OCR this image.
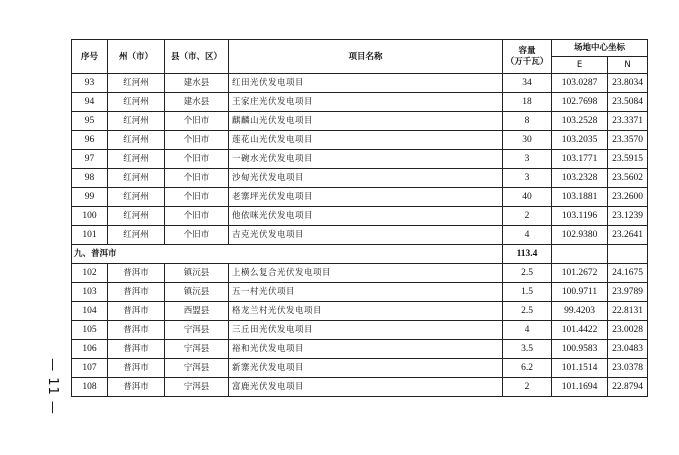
— 11 —
序号	州（市）	县（市、区）	项目名称	容量
（万千瓦）	场地中心坐标	
					E	N
93	红河州	建水县	红田光伏发电项目	34	103.0287	23.8034
94	红河州	建水县	王家庄光伏发电项目	18	102.7698	23.5084
95	红河州	个旧市	麒麟山光伏发电项目	8	103.2528	23.3371
96	红河州	个旧市	莲花山光伏发电项目	30	103.2035	23.3570
97	红河州	个旧市	一碗水光伏发电项目	3	103.1771	23.5915
98	红河州	个旧市	沙甸光伏发电项目	3	103.2328	23.5602
99	红河州	个旧市	老寨坪光伏发电项目	40	103.1881	23.2600
100	红河州	个旧市	他依咪光伏发电项目	2	103.1196	23.1239
101	红河州	个旧市	吉克光伏发电项目	4	102.9380	23.2641
九、普洱市				113.4		
102	普洱市	镇沅县	上横么复合光伏发电项目	2.5	101.2672	24.1675
103	普洱市	镇沅县	五一村光伏项目	1.5	100.9711	23.9789
104	普洱市	西盟县	格龙兰村光伏发电项目	2.5	99.4203	22.8131
105	普洱市	宁洱县	三丘田光伏发电项目	4	101.4422	23.0028
106	普洱市	宁洱县	裕和光伏发电项目	3.5	100.9583	23.0483
107	普洱市	宁洱县	新寨光伏发电项目	6.2	101.1514	23.0378
108	普洱市	宁洱县	富鹿光伏发电项目	2	101.1694	22.8794
